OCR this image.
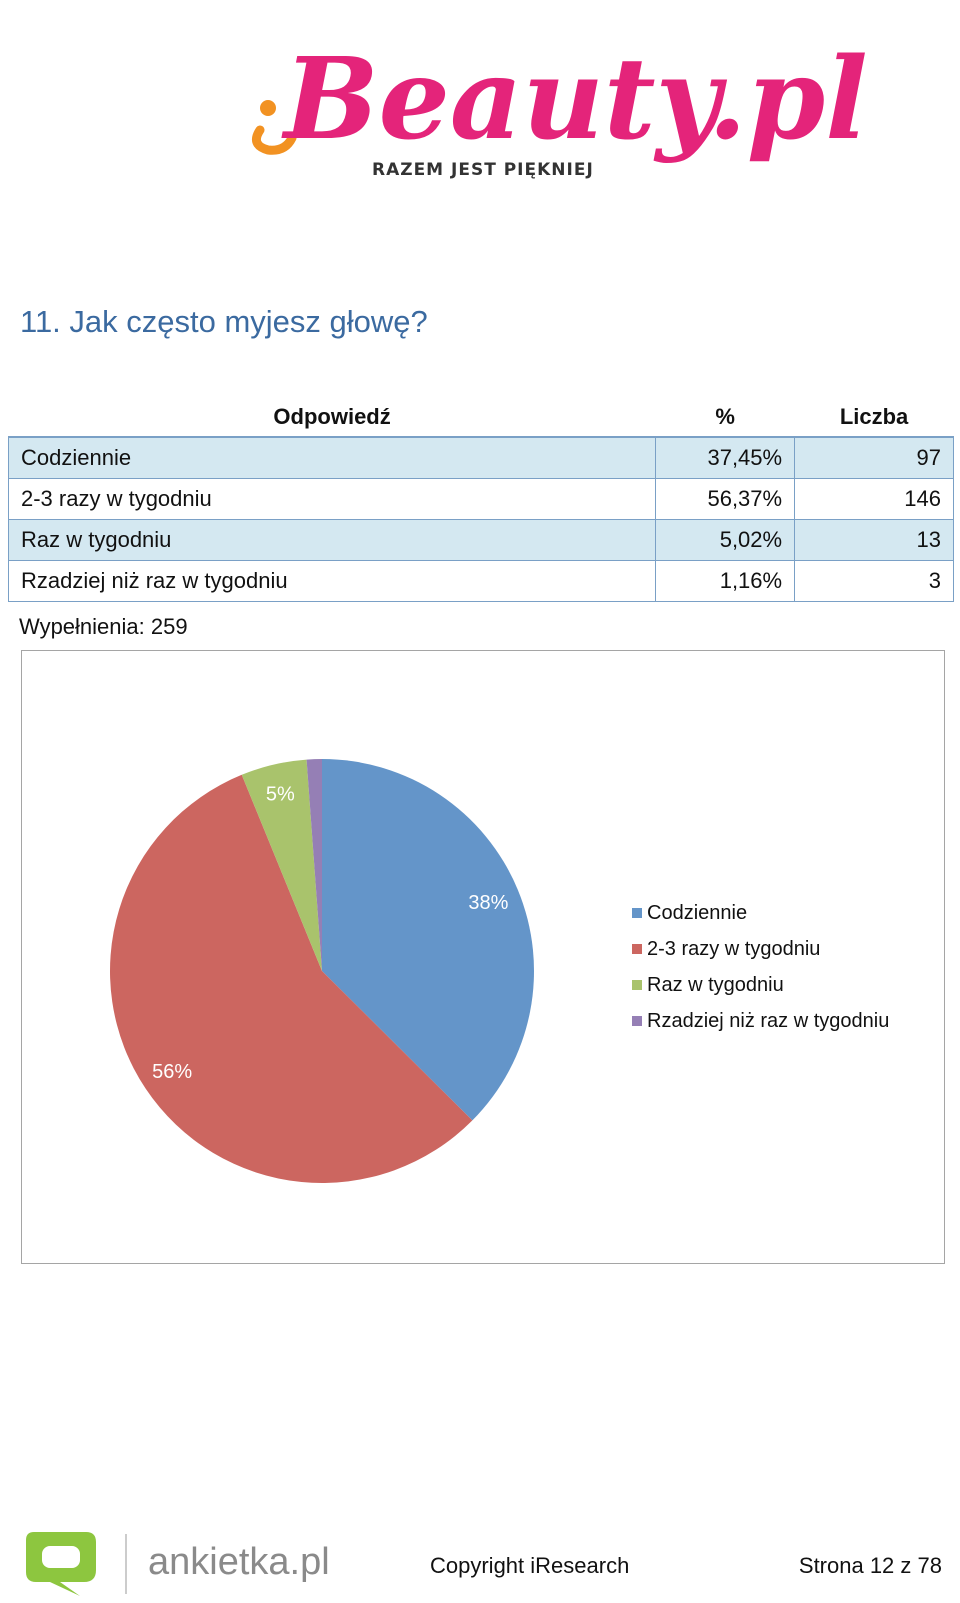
Beauty.pl
RAZEM JEST PIĘKNIEJ
11. Jak często myjesz głowę?
Odpowiedź	%	Liczba
Codziennie	37,45%	97
2-3 razy w tygodniu	56,37%	146
Raz w tygodniu	5,02%	13
Rzadziej niż raz w tygodniu	1,16%	3
Wypełnienia: 259
38%
56%
5%
Codziennie
2-3 razy w tygodniu
Raz w tygodniu
Rzadziej niż raz w tygodniu
ankietka.pl	Copyright iResearch	Strona 12 z 78
